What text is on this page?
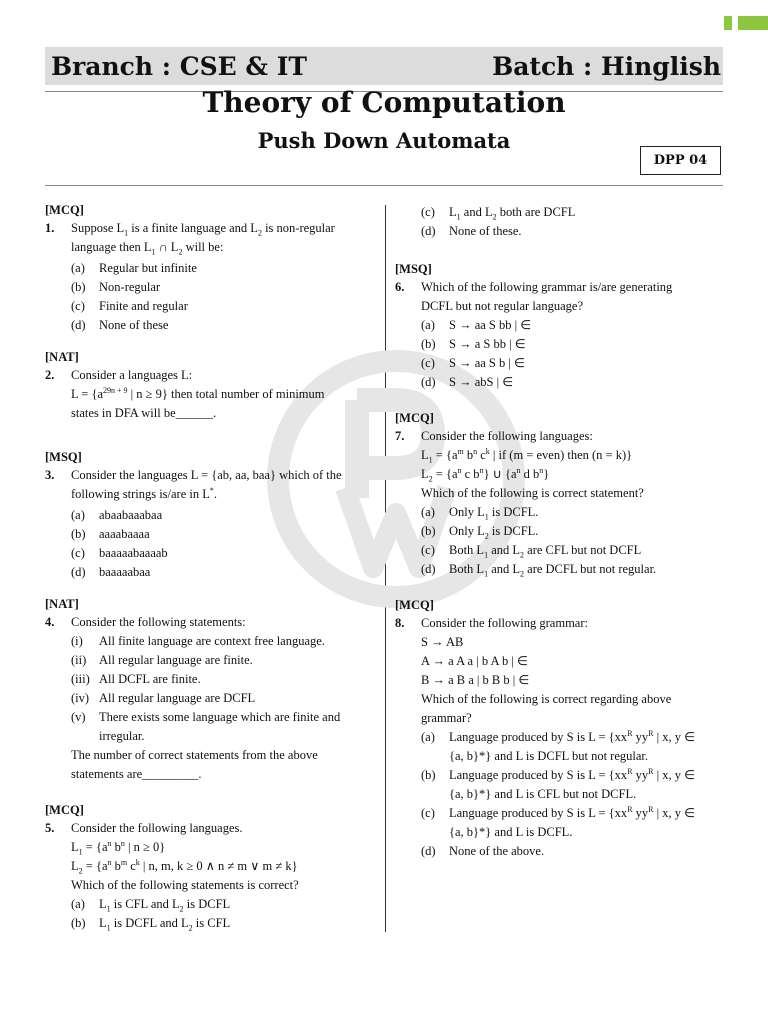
Branch : CSE & IT	Batch : Hinglish
Theory of Computation
Push Down Automata
DPP 04
[MCQ]
1.	Suppose $L_1$ is a finite language and $L_2$ is non-regular
language then $L_1$ ∩ $L_2$ will be:
(a)	Regular but infinite
(b)	Non-regular
(c)	Finite and regular
(d)	None of these
[NAT]
2.	Consider a languages L:
$L = \{a^{29n + 9}$ | n ≥ 9} then total number of minimum
states in DFA will be______.
[MSQ]
3.	Consider the languages L = {ab, aa, baa} which of the
following strings is/are in L*.
(a)	abaabaaabaa
(b)	aaaabaaaa
(c)	baaaaabaaaab
(d)	baaaaabaa
[NAT]
4.	Consider the following statements:
(i)	All finite language are context free language.
(ii)	All regular language are finite.
(iii) All DCFL are finite.
(iv) All regular language are DCFL
(v)	There exists some language which are finite and irregular.
The number of correct statements from the above
statements are_________.
[MCQ]
5.	Consider the following languages.
$L_1 = \{a^n$ $b^n$ | n ≥ 0}
$L_2 = \{a^n$ $b^m$ $c^k$ | n, m, k ≥ 0 ∧ n ≠ m ∨ m ≠ k}
Which of the following statements is correct?
(a)	$L_1$ is CFL and $L_2$ is DCFL
(b)	$L_1$ is DCFL and $L_2$ is CFL
(c)	$L_1$ and $L_2$ both are DCFL
(d)	None of these.
[MSQ]
6.	Which of the following grammar is/are generating
DCFL but not regular language?
(a)	S → aa S bb | ∈
(b)	S → a S bb | ∈
(c)	S → aa S b | ∈
(d)	S → abS | ∈
[MCQ]
7.	Consider the following languages:
$L_1 = \{a^m$ $b^n$ $c^k$ | if (m = even) then (n = k)}
$L_2 = \{a^n$ c $b^n$} ∪ {$a^n$ d $b^n$}
Which of the following is correct statement?
(a)	Only $L_1$ is DCFL.
(b)	Only $L_2$ is DCFL.
(c)	Both $L_1$ and $L_2$ are CFL but not DCFL
(d)	Both $L_1$ and $L_2$ are DCFL but not regular.
[MCQ]
8.	Consider the following grammar:
S → AB
A → a A a | b A b | ∈
B → a B a | b B b | ∈
Which of the following is correct regarding above
grammar?
(a)	Language produced by S is $L = \{xx^R$ $yy^R$ | x, y ∈
{a, b}*} and L is DCFL but not regular.
(b)	Language produced by S is $L = \{xx^R$ $yy^R$ | x, y ∈
{a, b}*} and L is CFL but not DCFL.
(c)	Language produced by S is $L = \{xx^R$ $yy^R$ | x, y ∈
{a, b}*} and L is DCFL.
(d)	None of the above.
